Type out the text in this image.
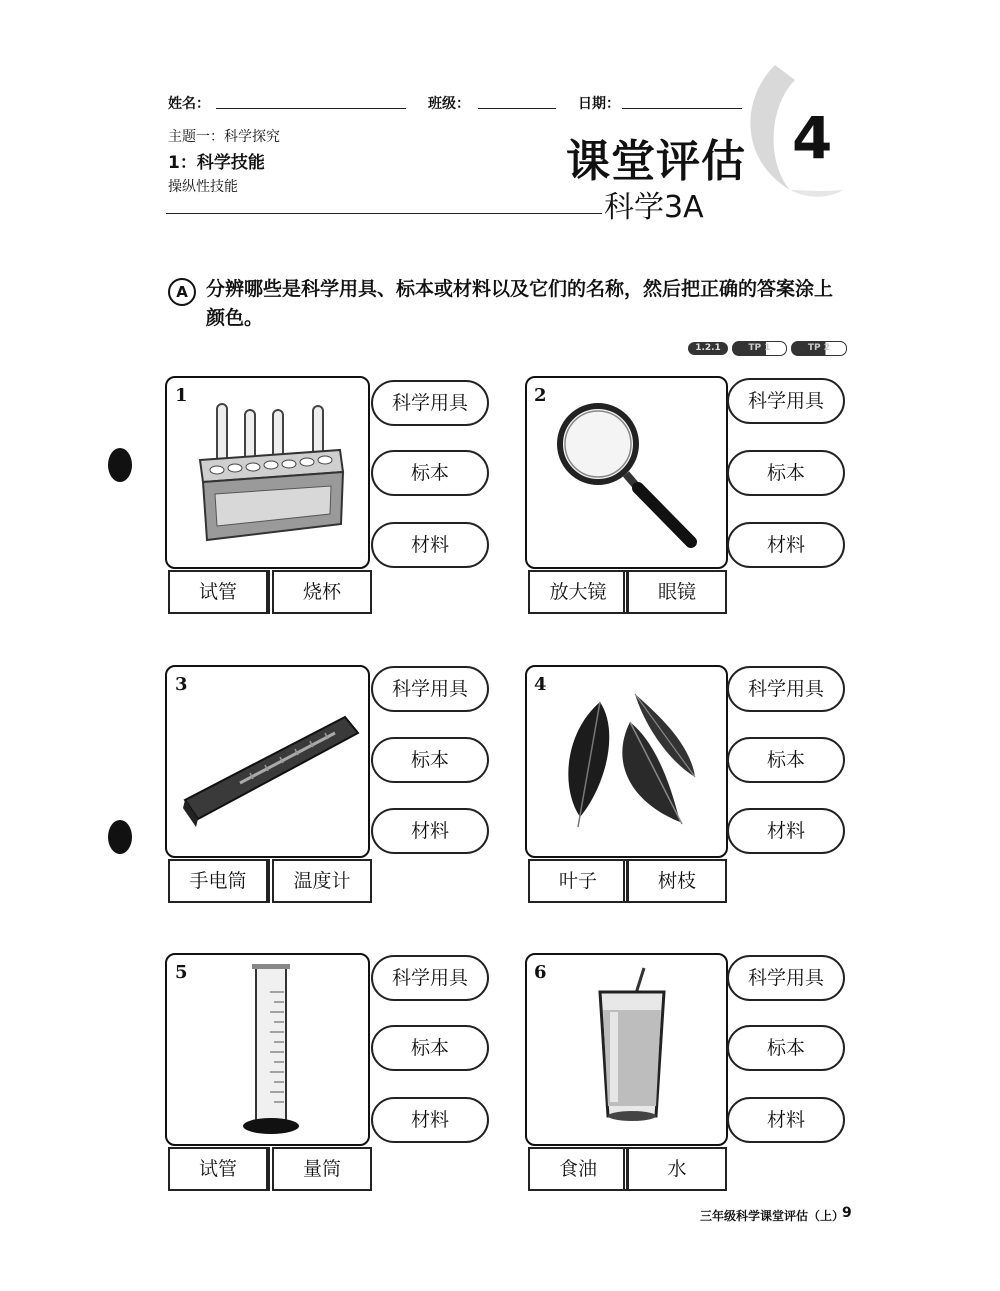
姓名：	班级：	日期：
主题一：科学探究
1：科学技能
操纵性技能	课堂评估 4
科学3A
A 分辨哪些是科学用具、标本或材料以及它们的名称，然后把正确的答案涂上颜色。
1.2.1	TP 1	TP 2
1
试管	烧杯
科学用具
标本
材料
2
放大镜	眼镜
科学用具
标本
材料
3
手电筒	温度计
科学用具
标本
材料
4
叶子	树枝
科学用具
标本
材料
5
试管	量筒
科学用具
标本
材料
6
食油	水
科学用具
标本
材料
三年级科学课堂评估（上）
9
